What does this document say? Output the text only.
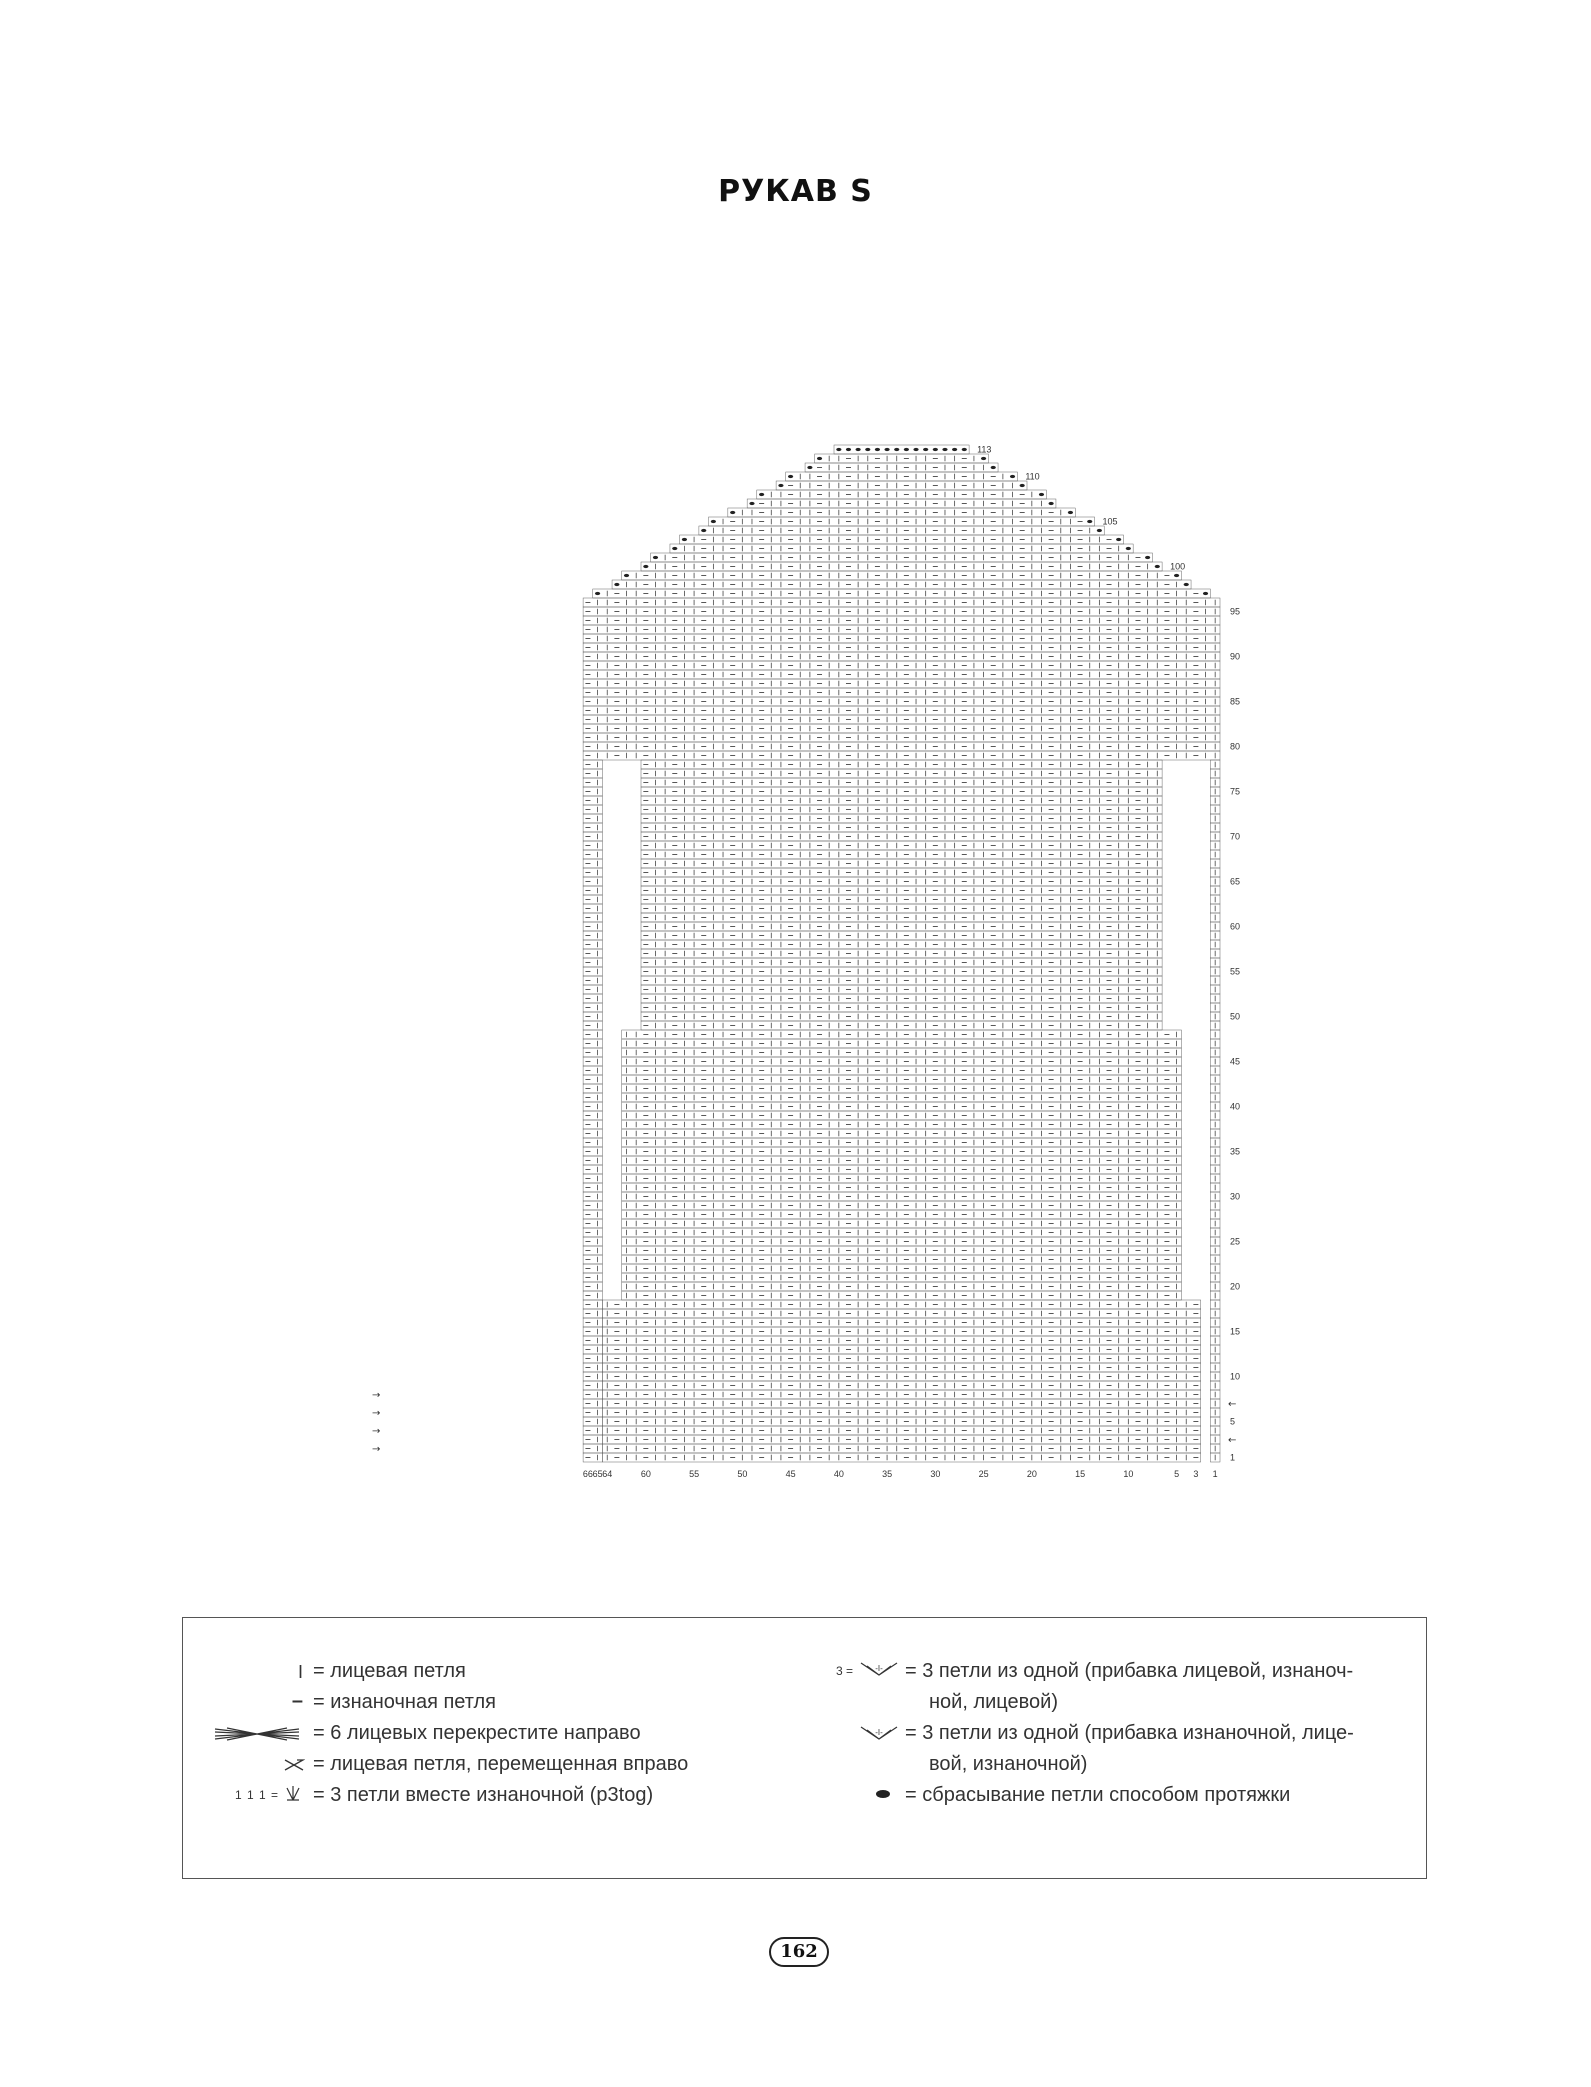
РУКАВ S
66 65 64	60	55	50	45	40	35	30	25	20	15	10	5 3 1
1
5
10
15
20
25
30
35
40
45
50
55
60
65
70
75
80
85
90
95
100
105
110
113
→
→
→
→
←
←
I = лицевая петля
– = изнаночная петля
= 6 лицевых перекрестите направо
= лицевая петля, перемещенная вправо
1 1 1 = = 3 петли вместе изнаночной (p3tog)
3 =	-I- = 3 петли из одной (прибавка лицевой, изнаноч-
ной, лицевой)
-I- = 3 петли из одной (прибавка изнаночной, лице-
вой, изнаночной)
= сбрасывание петли способом протяжки
162
